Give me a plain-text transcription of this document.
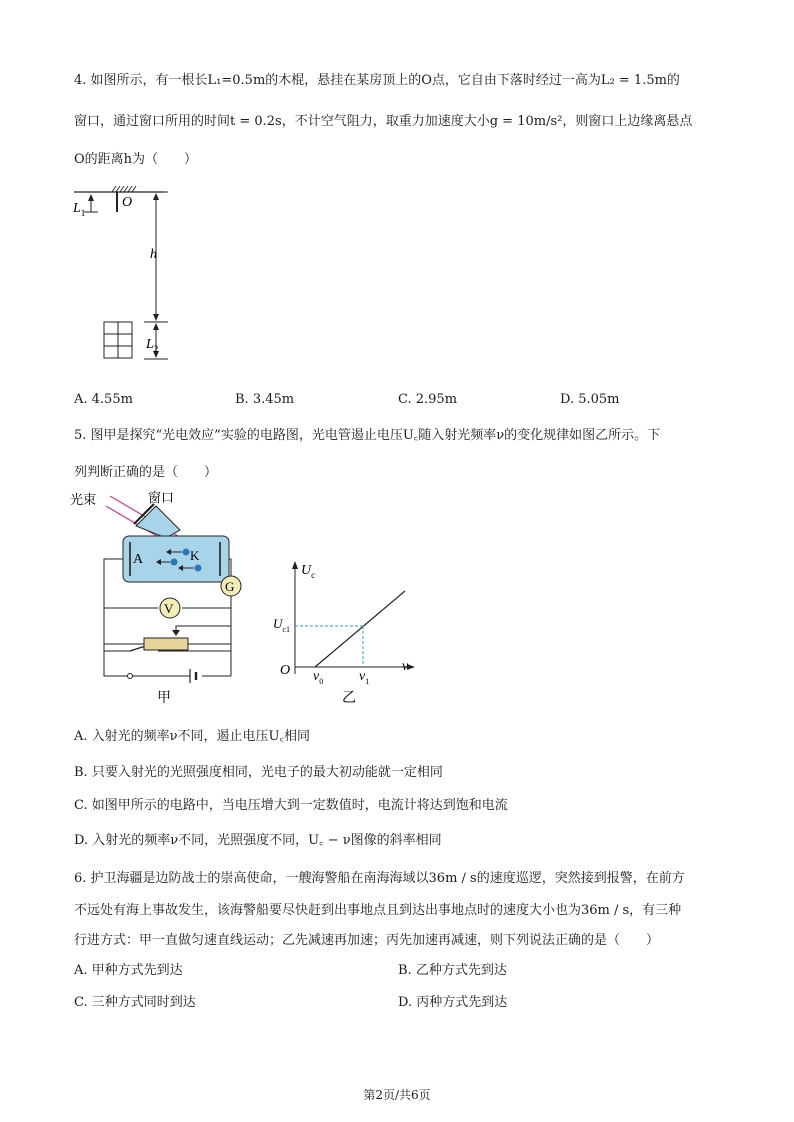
4. 如图所示，有一根长L₁=0.5m的木棍，悬挂在某房顶上的O点，它自由下落时经过一高为L₂ = 1.5m的
窗口，通过窗口所用的时间t = 0.2s，不计空气阻力，取重力加速度大小g = 10m/s²，则窗口上边缘离悬点
O的距离h为（　　）
$L_1$
O
h
$L_2$
A. 4.55m	B. 3.45m	C. 2.95m	D. 5.05m
5. 图甲是探究“光电效应”实验的电路图，光电管遏止电压U꜀随入射光频率ν的变化规律如图乙所示。下
列判断正确的是（　　）
光束	窗口
A	K
G
V
甲
$U_c$
$U_{c1}$
O $\nu_0$	$\nu_1$
ν
乙
A. 入射光的频率ν不同，遏止电压U꜀相同
B. 只要入射光的光照强度相同，光电子的最大初动能就一定相同
C. 如图甲所示的电路中，当电压增大到一定数值时，电流计将达到饱和电流
D. 入射光的频率ν不同，光照强度不同，U꜀ − ν图像的斜率相同
6. 护卫海疆是边防战士的崇高使命，一艘海警船在南海海域以36m / s的速度巡逻，突然接到报警，在前方
不远处有海上事故发生，该海警船要尽快赶到出事地点且到达出事地点时的速度大小也为36m / s，有三种
行进方式：甲一直做匀速直线运动；乙先减速再加速；丙先加速再减速，则下列说法正确的是（　　）
A. 甲种方式先到达	B. 乙种方式先到达
C. 三种方式同时到达	D. 丙种方式先到达
第2页/共6页
